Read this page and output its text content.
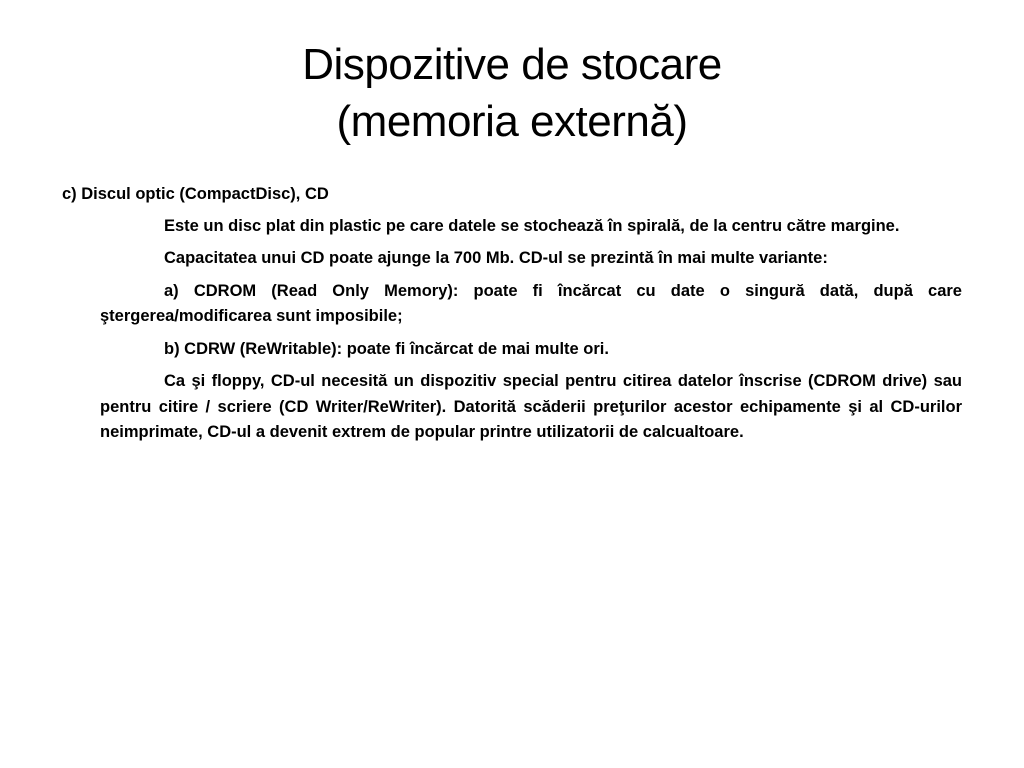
Dispozitive de stocare
(memoria externă)

c) Discul optic (CompactDisc), CD

Este un disc plat din plastic pe care datele se stochează în spirală, de la centru către margine.

Capacitatea unui CD poate ajunge la 700 Mb. CD-ul se prezintă în mai multe variante:

a) CDROM (Read Only Memory): poate fi încărcat cu date o singură dată, după care ştergerea/modificarea sunt imposibile;

b) CDRW (ReWritable): poate fi încărcat de mai multe ori.

Ca şi floppy, CD-ul necesită un dispozitiv special pentru citirea datelor înscrise (CDROM drive) sau pentru citire / scriere (CD Writer/ReWriter). Datorită scăderii preţurilor acestor echipamente şi al CD-urilor neimprimate, CD-ul a devenit extrem de popular printre utilizatorii de calcualtoare.
